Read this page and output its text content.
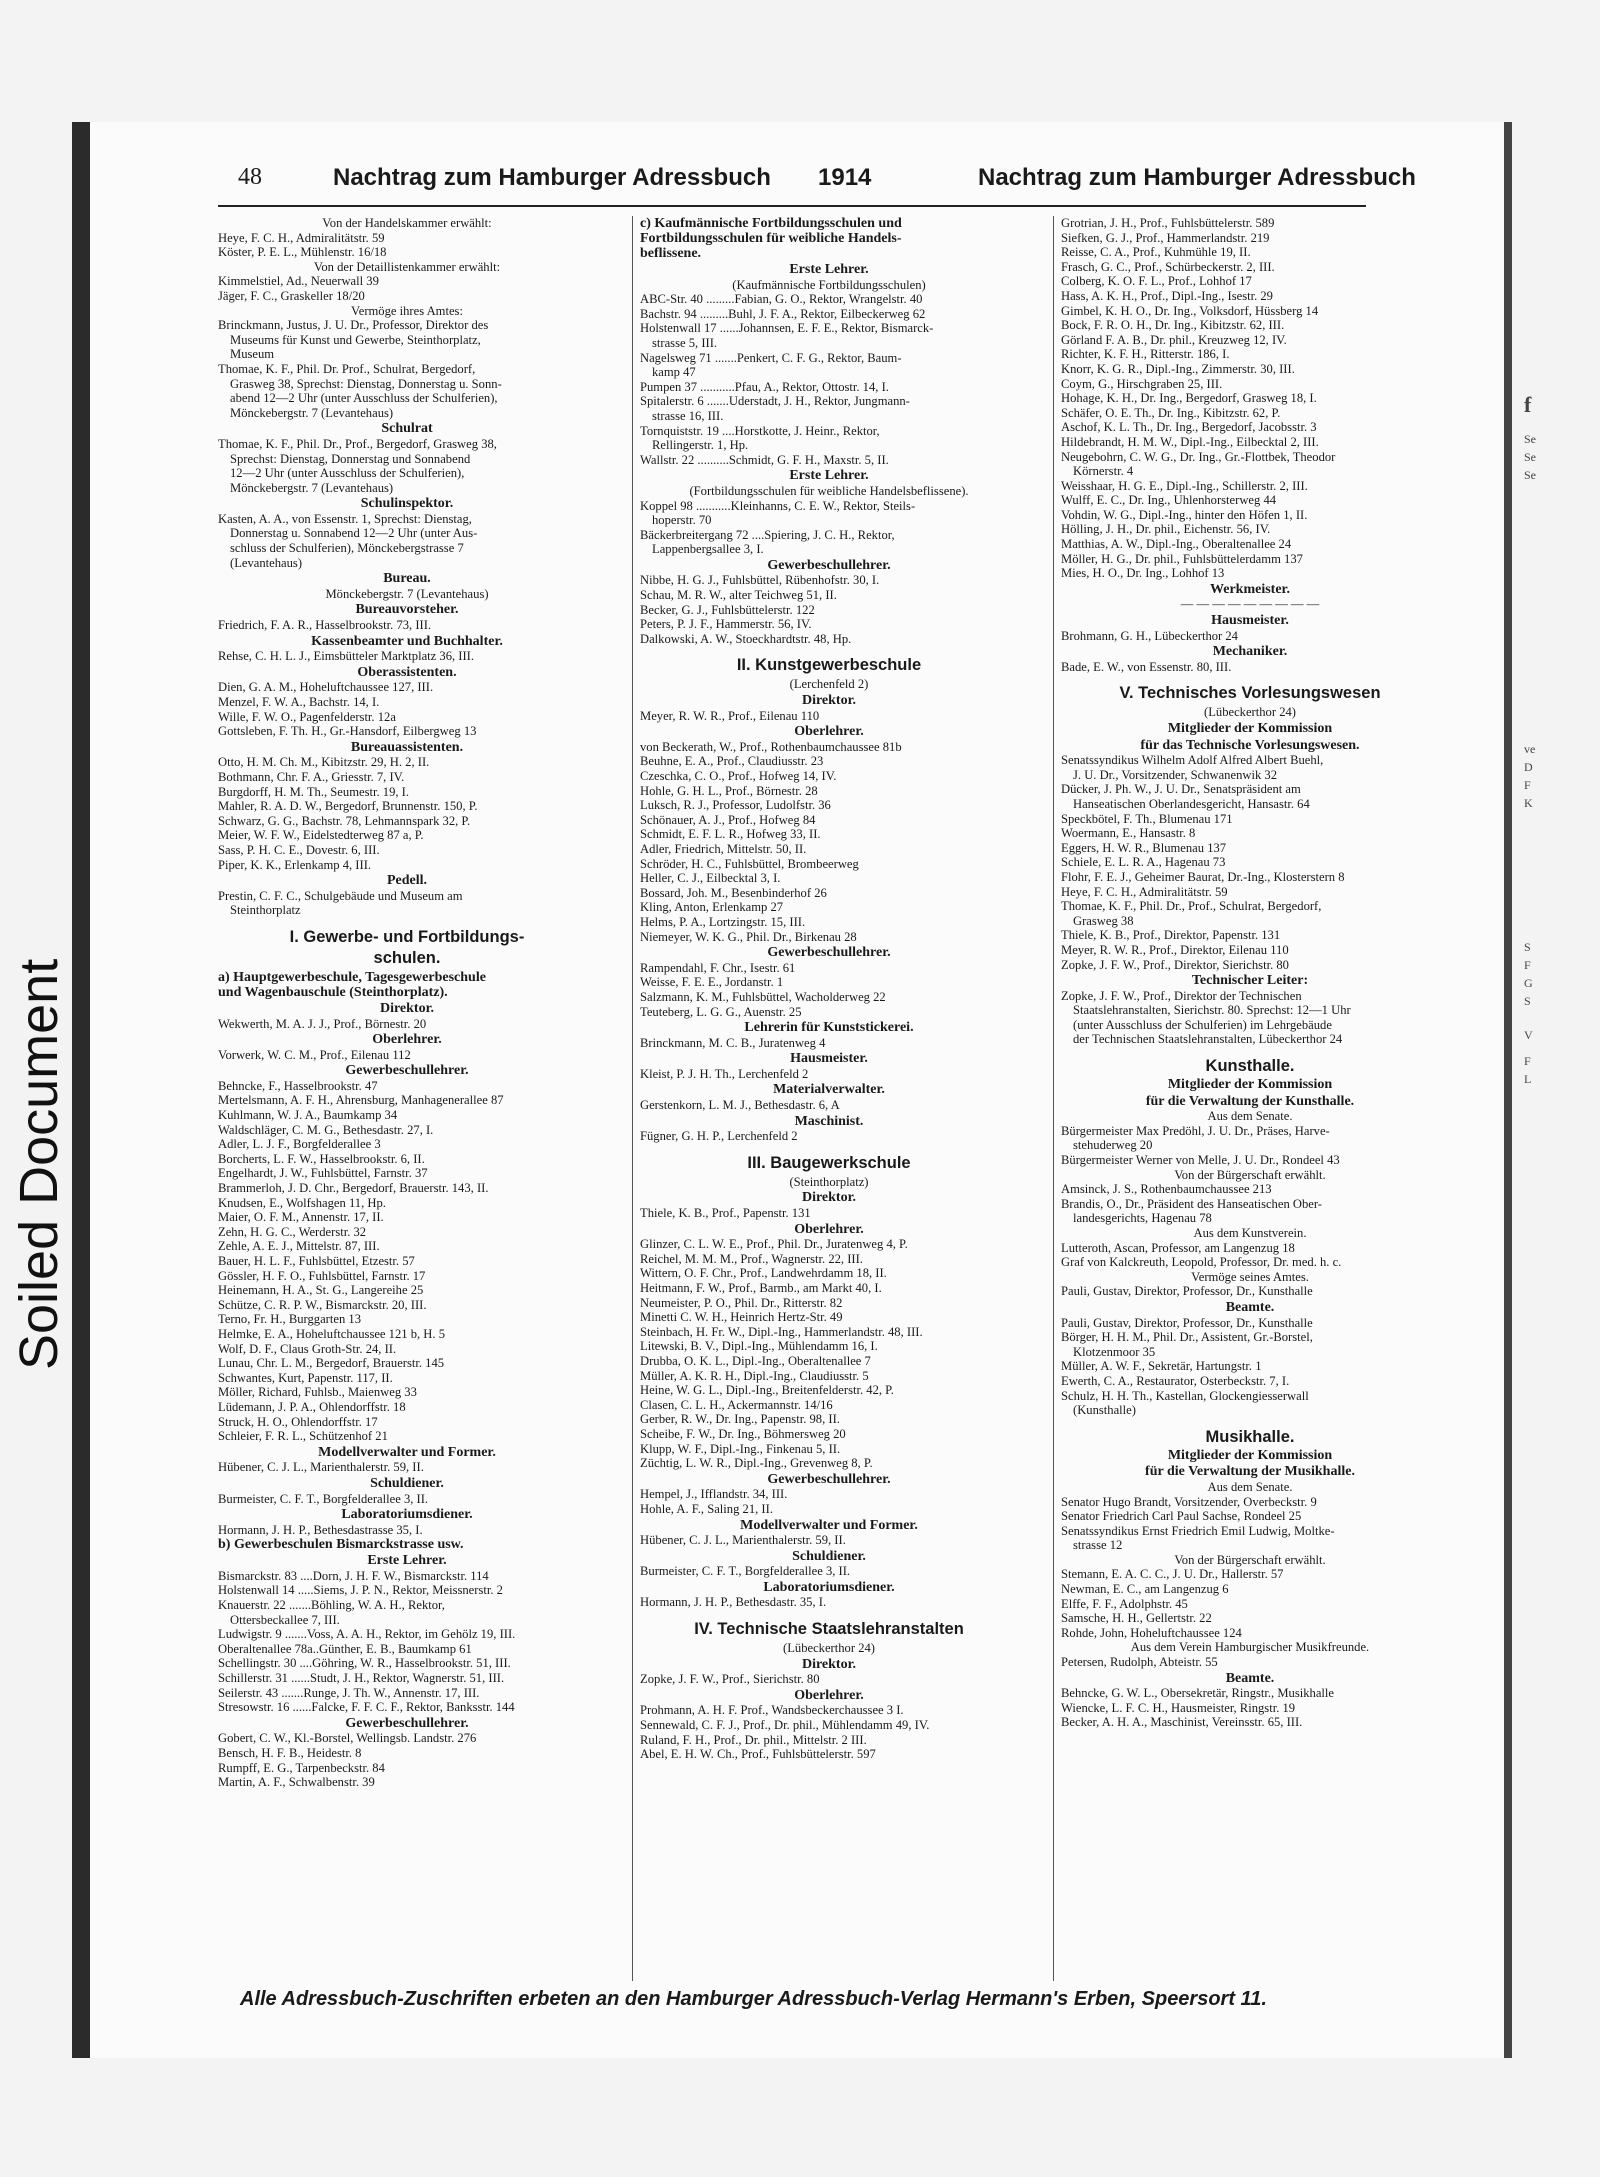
Soiled Document
48	Nachtrag zum Hamburger Adressbuch 1914	Nachtrag zum Hamburger Adressbuch
Von der Handelskammer erwählt:
Heye, F. C. H., Admiralitätstr. 59
Köster, P. E. L., Mühlenstr. 16/18
Von der Detaillistenkammer erwählt:
Kimmelstiel, Ad., Neuerwall 39
Jäger, F. C., Graskeller 18/20
Vermöge ihres Amtes:
Brinckmann, Justus, J. U. Dr., Professor, Direktor des
Museums für Kunst und Gewerbe, Steinthorplatz,
Museum
Thomae, K. F., Phil. Dr. Prof., Schulrat, Bergedorf,
Grasweg 38, Sprechst: Dienstag, Donnerstag u. Sonn-
abend 12—2 Uhr (unter Ausschluss der Schulferien),
Mönckebergstr. 7 (Levantehaus)
Schulrat
Thomae, K. F., Phil. Dr., Prof., Bergedorf, Grasweg 38,
Sprechst: Dienstag, Donnerstag und Sonnabend
12—2 Uhr (unter Ausschluss der Schulferien),
Mönckebergstr. 7 (Levantehaus)
Schulinspektor.
Kasten, A. A., von Essenstr. 1, Sprechst: Dienstag,
Donnerstag u. Sonnabend 12—2 Uhr (unter Aus-
schluss der Schulferien), Mönckebergstrasse 7
(Levantehaus)
Bureau.
Mönckebergstr. 7 (Levantehaus)
Bureauvorsteher.
Friedrich, F. A. R., Hasselbrookstr. 73, III.
Kassenbeamter und Buchhalter.
Rehse, C. H. L. J., Eimsbütteler Marktplatz 36, III.
Oberassistenten.
Dien, G. A. M., Hoheluftchaussee 127, III.
Menzel, F. W. A., Bachstr. 14, I.
Wille, F. W. O., Pagenfelderstr. 12a
Gottsleben, F. Th. H., Gr.-Hansdorf, Eilbergweg 13
Bureauassistenten.
Otto, H. M. Ch. M., Kibitzstr. 29, H. 2, II.
Bothmann, Chr. F. A., Griesstr. 7, IV.
Burgdorff, H. M. Th., Seumestr. 19, I.
Mahler, R. A. D. W., Bergedorf, Brunnenstr. 150, P.
Schwarz, G. G., Bachstr. 78, Lehmannspark 32, P.
Meier, W. F. W., Eidelstedterweg 87 a, P.
Sass, P. H. C. E., Dovestr. 6, III.
Piper, K. K., Erlenkamp 4, III.
Pedell.
Prestin, C. F. C., Schulgebäude und Museum am
Steinthorplatz
I. Gewerbe- und Fortbildungs-
schulen.
a) Hauptgewerbeschule, Tagesgewerbeschule
und Wagenbauschule (Steinthorplatz).
Direktor.
Wekwerth, M. A. J. J., Prof., Börnestr. 20
Oberlehrer.
Vorwerk, W. C. M., Prof., Eilenau 112
Gewerbeschullehrer.
Behncke, F., Hasselbrookstr. 47
Mertelsmann, A. F. H., Ahrensburg, Manhagenerallee 87
Kuhlmann, W. J. A., Baumkamp 34
Waldschläger, C. M. G., Bethesdastr. 27, I.
Adler, L. J. F., Borgfelderallee 3
Borcherts, L. F. W., Hasselbrookstr. 6, II.
Engelhardt, J. W., Fuhlsbüttel, Farnstr. 37
Brammerloh, J. D. Chr., Bergedorf, Brauerstr. 143, II.
Knudsen, E., Wolfshagen 11, Hp.
Maier, O. F. M., Annenstr. 17, II.
Zehn, H. G. C., Werderstr. 32
Zehle, A. E. J., Mittelstr. 87, III.
Bauer, H. L. F., Fuhlsbüttel, Etzestr. 57
Gössler, H. F. O., Fuhlsbüttel, Farnstr. 17
Heinemann, H. A., St. G., Langereihe 25
Schütze, C. R. P. W., Bismarckstr. 20, III.
Terno, Fr. H., Burggarten 13
Helmke, E. A., Hoheluftchaussee 121 b, H. 5
Wolf, D. F., Claus Groth-Str. 24, II.
Lunau, Chr. L. M., Bergedorf, Brauerstr. 145
Schwantes, Kurt, Papenstr. 117, II.
Möller, Richard, Fuhlsb., Maienweg 33
Lüdemann, J. P. A., Ohlendorffstr. 18
Struck, H. O., Ohlendorffstr. 17
Schleier, F. R. L., Schützenhof 21
Modellverwalter und Former.
Hübener, C. J. L., Marienthalerstr. 59, II.
Schuldiener.
Burmeister, C. F. T., Borgfelderallee 3, II.
Laboratoriumsdiener.
Hormann, J. H. P., Bethesdastrasse 35, I.
b) Gewerbeschulen Bismarckstrasse usw.
Erste Lehrer.
Bismarckstr. 83 ....Dorn, J. H. F. W., Bismarckstr. 114
Holstenwall 14 .....Siems, J. P. N., Rektor, Meissnerstr. 2
Knauerstr. 22 .......Böhling, W. A. H., Rektor,
Ottersbeckallee 7, III.
Ludwigstr. 9 .......Voss, A. A. H., Rektor, im Gehölz 19, III.
Oberaltenallee 78a..Günther, E. B., Baumkamp 61
Schellingstr. 30 ....Göhring, W. R., Hasselbrookstr. 51, III.
Schillerstr. 31 ......Studt, J. H., Rektor, Wagnerstr. 51, III.
Seilerstr. 43 .......Runge, J. Th. W., Annenstr. 17, III.
Stresowstr. 16 ......Falcke, F. F. C. F., Rektor, Banksstr. 144
Gewerbeschullehrer.
Gobert, C. W., Kl.-Borstel, Wellingsb. Landstr. 276
Bensch, H. F. B., Heidestr. 8
Rumpff, E. G., Tarpenbeckstr. 84
Martin, A. F., Schwalbenstr. 39
c) Kaufmännische Fortbildungsschulen und
Fortbildungsschulen für weibliche Handels-
beflissene.
Erste Lehrer.
(Kaufmännische Fortbildungsschulen)
ABC-Str. 40 .........Fabian, G. O., Rektor, Wrangelstr. 40
Bachstr. 94 .........Buhl, J. F. A., Rektor, Eilbeckerweg 62
Holstenwall 17 ......Johannsen, E. F. E., Rektor, Bismarck-
strasse 5, III.
Nagelsweg 71 .......Penkert, C. F. G., Rektor, Baum-
kamp 47
Pumpen 37 ...........Pfau, A., Rektor, Ottostr. 14, I.
Spitalerstr. 6 .......Uderstadt, J. H., Rektor, Jungmann-
strasse 16, III.
Tornquiststr. 19 ....Horstkotte, J. Heinr., Rektor,
Rellingerstr. 1, Hp.
Wallstr. 22 ..........Schmidt, G. F. H., Maxstr. 5, II.
Erste Lehrer.
(Fortbildungsschulen für weibliche Handelsbeflissene).
Koppel 98 ...........Kleinhanns, C. E. W., Rektor, Steils-
hoperstr. 70
Bäckerbreitergang 72 ....Spiering, J. C. H., Rektor,
Lappenbergsallee 3, I.
Gewerbeschullehrer.
Nibbe, H. G. J., Fuhlsbüttel, Rübenhofstr. 30, I.
Schau, M. R. W., alter Teichweg 51, II.
Becker, G. J., Fuhlsbüttelerstr. 122
Peters, P. J. F., Hammerstr. 56, IV.
Dalkowski, A. W., Stoeckhardtstr. 48, Hp.
II. Kunstgewerbeschule
(Lerchenfeld 2)
Direktor.
Meyer, R. W. R., Prof., Eilenau 110
Oberlehrer.
von Beckerath, W., Prof., Rothenbaumchaussee 81b
Beuhne, E. A., Prof., Claudiusstr. 23
Czeschka, C. O., Prof., Hofweg 14, IV.
Hohle, G. H. L., Prof., Börnestr. 28
Luksch, R. J., Professor, Ludolfstr. 36
Schönauer, A. J., Prof., Hofweg 84
Schmidt, E. F. L. R., Hofweg 33, II.
Adler, Friedrich, Mittelstr. 50, II.
Schröder, H. C., Fuhlsbüttel, Brombeerweg
Heller, C. J., Eilbecktal 3, I.
Bossard, Joh. M., Besenbinderhof 26
Kling, Anton, Erlenkamp 27
Helms, P. A., Lortzingstr. 15, III.
Niemeyer, W. K. G., Phil. Dr., Birkenau 28
Gewerbeschullehrer.
Rampendahl, F. Chr., Isestr. 61
Weisse, F. E. E., Jordanstr. 1
Salzmann, K. M., Fuhlsbüttel, Wacholderweg 22
Teuteberg, L. G. G., Auenstr. 25
Lehrerin für Kunststickerei.
Brinckmann, M. C. B., Juratenweg 4
Hausmeister.
Kleist, P. J. H. Th., Lerchenfeld 2
Materialverwalter.
Gerstenkorn, L. M. J., Bethesdastr. 6, A
Maschinist.
Fügner, G. H. P., Lerchenfeld 2
III. Baugewerkschule
(Steinthorplatz)
Direktor.
Thiele, K. B., Prof., Papenstr. 131
Oberlehrer.
Glinzer, C. L. W. E., Prof., Phil. Dr., Juratenweg 4, P.
Reichel, M. M. M., Prof., Wagnerstr. 22, III.
Wittern, O. F. Chr., Prof., Landwehrdamm 18, II.
Heitmann, F. W., Prof., Barmb., am Markt 40, I.
Neumeister, P. O., Phil. Dr., Ritterstr. 82
Minetti C. W. H., Heinrich Hertz-Str. 49
Steinbach, H. Fr. W., Dipl.-Ing., Hammerlandstr. 48, III.
Litewski, B. V., Dipl.-Ing., Mühlendamm 16, I.
Drubba, O. K. L., Dipl.-Ing., Oberaltenallee 7
Müller, A. K. R. H., Dipl.-Ing., Claudiusstr. 5
Heine, W. G. L., Dipl.-Ing., Breitenfelderstr. 42, P.
Clasen, C. L. H., Ackermannstr. 14/16
Gerber, R. W., Dr. Ing., Papenstr. 98, II.
Scheibe, F. W., Dr. Ing., Böhmersweg 20
Klupp, W. F., Dipl.-Ing., Finkenau 5, II.
Züchtig, L. W. R., Dipl.-Ing., Grevenweg 8, P.
Gewerbeschullehrer.
Hempel, J., Ifflandstr. 34, III.
Hohle, A. F., Saling 21, II.
Modellverwalter und Former.
Hübener, C. J. L., Marienthalerstr. 59, II.
Schuldiener.
Burmeister, C. F. T., Borgfelderallee 3, II.
Laboratoriumsdiener.
Hormann, J. H. P., Bethesdastr. 35, I.
IV. Technische Staatslehranstalten
(Lübeckerthor 24)
Direktor.
Zopke, J. F. W., Prof., Sierichstr. 80
Oberlehrer.
Prohmann, A. H. F. Prof., Wandsbeckerchaussee 3 I.
Sennewald, C. F. J., Prof., Dr. phil., Mühlendamm 49, IV.
Ruland, F. H., Prof., Dr. phil., Mittelstr. 2 III.
Abel, E. H. W. Ch., Prof., Fuhlsbüttelerstr. 597
Grotrian, J. H., Prof., Fuhlsbüttelerstr. 589
Siefken, G. J., Prof., Hammerlandstr. 219
Reisse, C. A., Prof., Kuhmühle 19, II.
Frasch, G. C., Prof., Schürbeckerstr. 2, III.
Colberg, K. O. F. L., Prof., Lohhof 17
Hass, A. K. H., Prof., Dipl.-Ing., Isestr. 29
Gimbel, K. H. O., Dr. Ing., Volksdorf, Hüssberg 14
Bock, F. R. O. H., Dr. Ing., Kibitzstr. 62, III.
Görland F. A. B., Dr. phil., Kreuzweg 12, IV.
Richter, K. F. H., Ritterstr. 186, I.
Knorr, K. G. R., Dipl.-Ing., Zimmerstr. 30, III.
Coym, G., Hirschgraben 25, III.
Hohage, K. H., Dr. Ing., Bergedorf, Grasweg 18, I.
Schäfer, O. E. Th., Dr. Ing., Kibitzstr. 62, P.
Aschof, K. L. Th., Dr. Ing., Bergedorf, Jacobsstr. 3
Hildebrandt, H. M. W., Dipl.-Ing., Eilbecktal 2, III.
Neugebohrn, C. W. G., Dr. Ing., Gr.-Flottbek, Theodor
Körnerstr. 4
Weisshaar, H. G. E., Dipl.-Ing., Schillerstr. 2, III.
Wulff, E. C., Dr. Ing., Uhlenhorsterweg 44
Vohdin, W. G., Dipl.-Ing., hinter den Höfen 1, II.
Hölling, J. H., Dr. phil., Eichenstr. 56, IV.
Matthias, A. W., Dipl.-Ing., Oberaltenallee 24
Möller, H. G., Dr. phil., Fuhlsbüttelerdamm 137
Mies, H. O., Dr. Ing., Lohhof 13
Werkmeister.
— — — — — — — — —
Hausmeister.
Brohmann, G. H., Lübeckerthor 24
Mechaniker.
Bade, E. W., von Essenstr. 80, III.
V. Technisches Vorlesungswesen
(Lübeckerthor 24)
Mitglieder der Kommission
für das Technische Vorlesungswesen.
Senatssyndikus Wilhelm Adolf Alfred Albert Buehl,
J. U. Dr., Vorsitzender, Schwanenwik 32
Dücker, J. Ph. W., J. U. Dr., Senatspräsident am
Hanseatischen Oberlandesgericht, Hansastr. 64
Speckbötel, F. Th., Blumenau 171
Woermann, E., Hansastr. 8
Eggers, H. W. R., Blumenau 137
Schiele, E. L. R. A., Hagenau 73
Flohr, F. E. J., Geheimer Baurat, Dr.-Ing., Klosterstern 8
Heye, F. C. H., Admiralitätstr. 59
Thomae, K. F., Phil. Dr., Prof., Schulrat, Bergedorf,
Grasweg 38
Thiele, K. B., Prof., Direktor, Papenstr. 131
Meyer, R. W. R., Prof., Direktor, Eilenau 110
Zopke, J. F. W., Prof., Direktor, Sierichstr. 80
Technischer Leiter:
Zopke, J. F. W., Prof., Direktor der Technischen
Staatslehranstalten, Sierichstr. 80. Sprechst: 12—1 Uhr
(unter Ausschluss der Schulferien) im Lehrgebäude
der Technischen Staatslehranstalten, Lübeckerthor 24
Kunsthalle.
Mitglieder der Kommission
für die Verwaltung der Kunsthalle.
Aus dem Senate.
Bürgermeister Max Predöhl, J. U. Dr., Präses, Harve-
stehuderweg 20
Bürgermeister Werner von Melle, J. U. Dr., Rondeel 43
Von der Bürgerschaft erwählt.
Amsinck, J. S., Rothenbaumchaussee 213
Brandis, O., Dr., Präsident des Hanseatischen Ober-
landesgerichts, Hagenau 78
Aus dem Kunstverein.
Lutteroth, Ascan, Professor, am Langenzug 18
Graf von Kalckreuth, Leopold, Professor, Dr. med. h. c.
Vermöge seines Amtes.
Pauli, Gustav, Direktor, Professor, Dr., Kunsthalle
Beamte.
Pauli, Gustav, Direktor, Professor, Dr., Kunsthalle
Börger, H. H. M., Phil. Dr., Assistent, Gr.-Borstel,
Klotzenmoor 35
Müller, A. W. F., Sekretär, Hartungstr. 1
Ewerth, C. A., Restaurator, Osterbeckstr. 7, I.
Schulz, H. H. Th., Kastellan, Glockengiesserwall
(Kunsthalle)
Musikhalle.
Mitglieder der Kommission
für die Verwaltung der Musikhalle.
Aus dem Senate.
Senator Hugo Brandt, Vorsitzender, Overbeckstr. 9
Senator Friedrich Carl Paul Sachse, Rondeel 25
Senatssyndikus Ernst Friedrich Emil Ludwig, Moltke-
strasse 12
Von der Bürgerschaft erwählt.
Stemann, E. A. C. C., J. U. Dr., Hallerstr. 57
Newman, E. C., am Langenzug 6
Elffe, F. F., Adolphstr. 45
Samsche, H. H., Gellertstr. 22
Rohde, John, Hoheluftchaussee 124
Aus dem Verein Hamburgischer Musikfreunde.
Petersen, Rudolph, Abteistr. 55
Beamte.
Behncke, G. W. L., Obersekretär, Ringstr., Musikhalle
Wiencke, L. F. C. H., Hausmeister, Ringstr. 19
Becker, A. H. A., Maschinist, Vereinsstr. 65, III.
Alle Adressbuch-Zuschriften erbeten an den Hamburger Adressbuch-Verlag Hermann's Erben, Speersort 11.
f
Se
Se
Se
ve
D
F
K
S
F
G
S
V
F
L
